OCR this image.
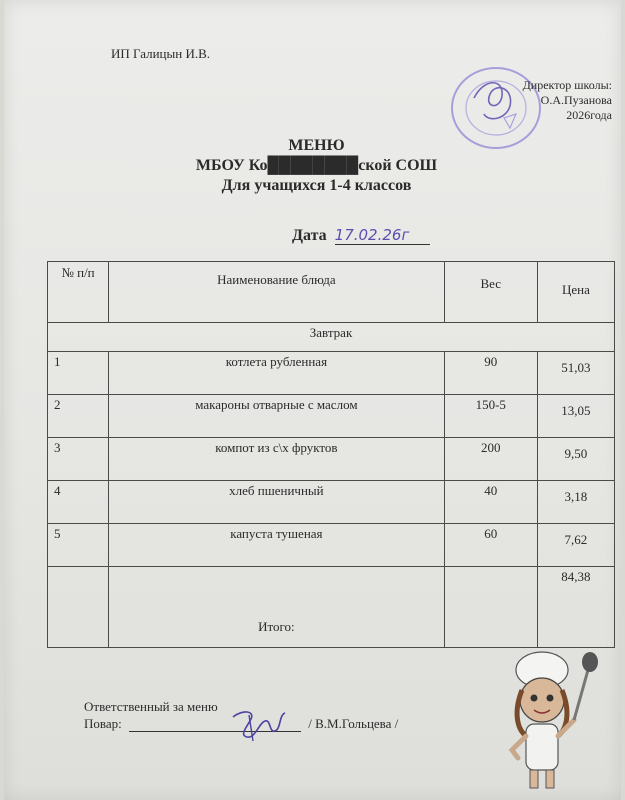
ИП Галицын И.В.
Директор школы:
О.А.Пузанова
2026года
МЕНЮ
МБОУ Ко████████ской СОШ
Для учащихся 1-4 классов
Дата 17.02.26г
№ п/п	Наименование блюда	Вес	Цена
Завтрак			
1	котлета рубленная	90	51,03
2	макароны отварные с маслом	150-5	13,05
3	компот из с\х фруктов	200	9,50
4	хлеб пшеничный	40	3,18
5	капуста тушеная	60	7,62
	Итого:		84,38
Ответственный за меню
Повар:	/ В.М.Гольцева /
